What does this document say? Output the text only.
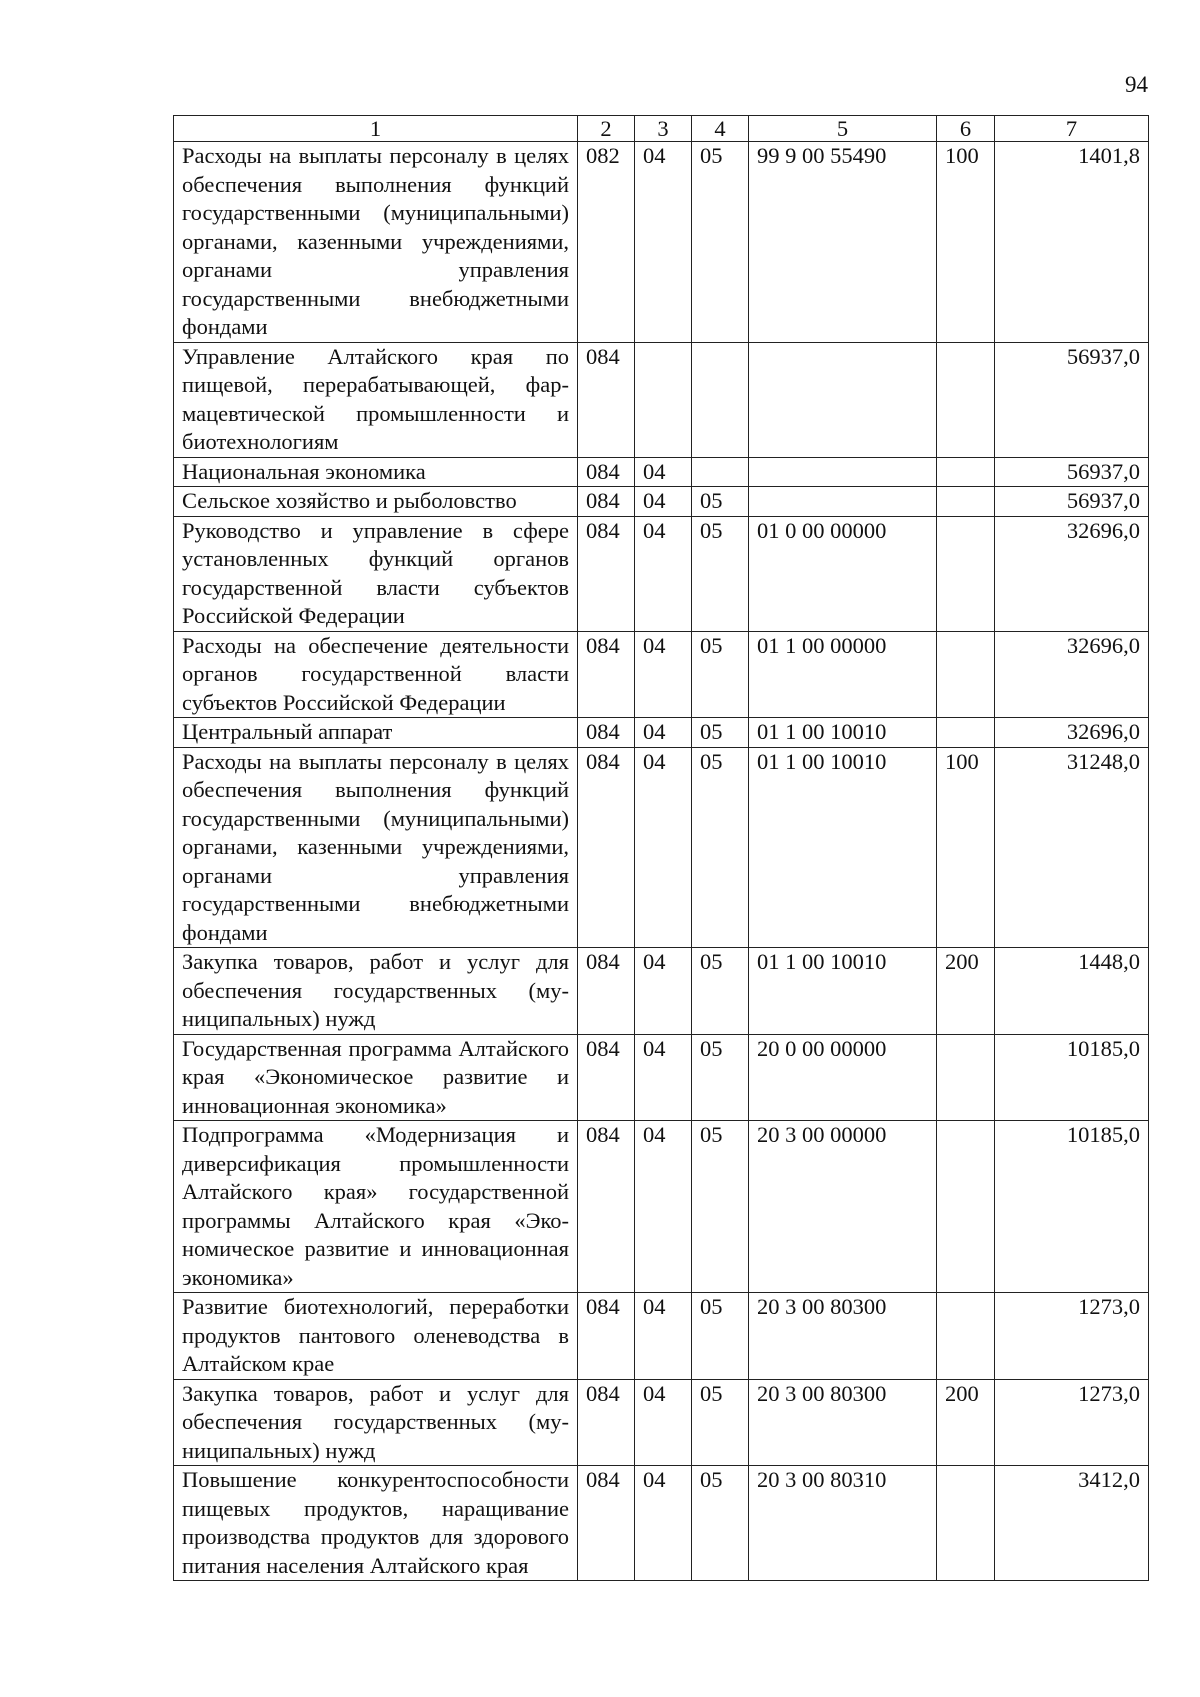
94
1	2	3	4	5	6	7
Расходы на выплаты персоналу в целях обеспечения выполнения функций государственными (муниципальными) органами, казенными учреждениями, органами управления государственными внебюджетными фондами	082	04	05	99 9 00 55490	100	1401,8
Управление Алтайского края по пищевой, перерабатывающей, фармацевтической промышленности и биотехнологиям	084					56937,0
Национальная экономика	084	04				56937,0
Сельское хозяйство и рыболовство	084	04	05			56937,0
Руководство и управление в сфере установленных функций органов государственной власти субъектов Российской Федерации	084	04	05	01 0 00 00000		32696,0
Расходы на обеспечение деятельности органов государственной власти субъектов Российской Федерации	084	04	05	01 1 00 00000		32696,0
Центральный аппарат	084	04	05	01 1 00 10010		32696,0
Расходы на выплаты персоналу в целях обеспечения выполнения функций государственными (муниципальными) органами, казенными учреждениями, органами управления государственными внебюджетными фондами	084	04	05	01 1 00 10010	100	31248,0
Закупка товаров, работ и услуг для обеспечения государственных (муниципальных) нужд	084	04	05	01 1 00 10010	200	1448,0
Государственная программа Алтайского края «Экономическое развитие и инновационная экономика»	084	04	05	20 0 00 00000		10185,0
Подпрограмма «Модернизация и диверсификация промышленности Алтайского края» государственной программы Алтайского края «Экономическое развитие и инновационная экономика»	084	04	05	20 3 00 00000		10185,0
Развитие биотехнологий, переработки продуктов пантового оленеводства в Алтайском крае	084	04	05	20 3 00 80300		1273,0
Закупка товаров, работ и услуг для обеспечения государственных (муниципальных) нужд	084	04	05	20 3 00 80300	200	1273,0
Повышение конкурентоспособности пищевых продуктов, наращивание производства продуктов для здорового питания населения Алтайского края	084	04	05	20 3 00 80310		3412,0
